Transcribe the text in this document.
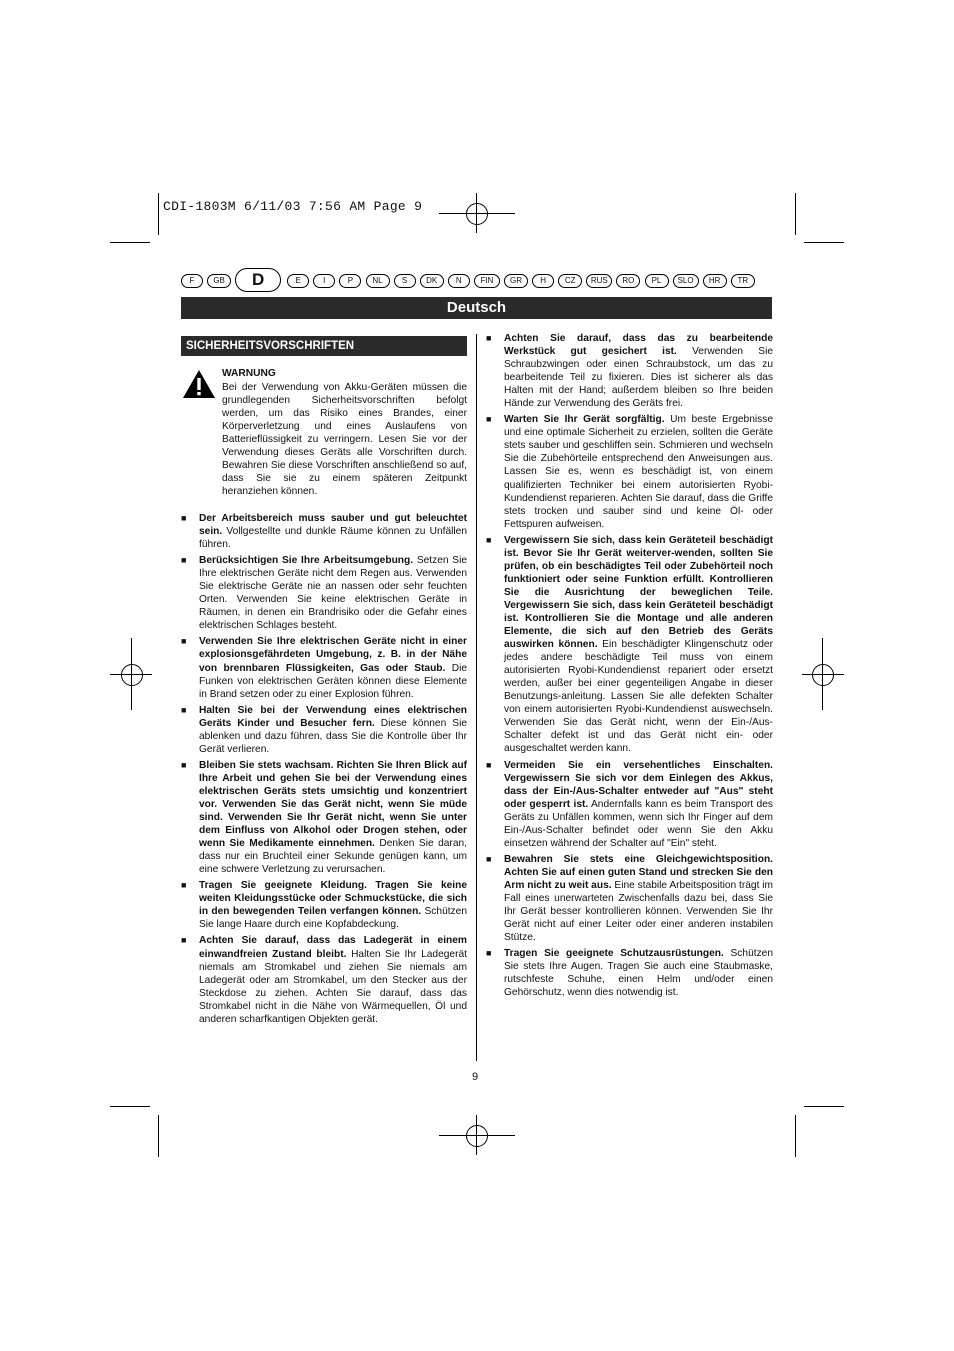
CDI-1803M 6/11/03 7:56 AM Page 9
F	GB	D	E	I	P	NL	S	DK	N	FIN	GR	H	CZ	RUS	RO	PL	SLO	HR	TR
Deutsch
SICHERHEITSVORSCHRIFTEN
WARNUNG
Bei der Verwendung von Akku-Geräten müssen die grundlegenden Sicherheitsvorschriften befolgt werden, um das Risiko eines Brandes, einer Körperverletzung und eines Auslaufens von Batterieflüssigkeit zu verringern. Lesen Sie vor der Verwendung dieses Geräts alle Vorschriften durch. Bewahren Sie diese Vorschriften anschließend so auf, dass Sie sie zu einem späteren Zeitpunkt heranziehen können.

■ Der Arbeitsbereich muss sauber und gut beleuchtet sein. Vollgestellte und dunkle Räume können zu Unfällen führen.

■ Berücksichtigen Sie Ihre Arbeitsumgebung. Setzen Sie Ihre elektrischen Geräte nicht dem Regen aus. Verwenden Sie elektrische Geräte nie an nassen oder sehr feuchten Orten. Verwenden Sie keine elektrischen Geräte in Räumen, in denen ein Brandrisiko oder die Gefahr eines elektrischen Schlages besteht.

■ Verwenden Sie Ihre elektrischen Geräte nicht in einer explosionsgefährdeten Umgebung, z. B. in der Nähe von brennbaren Flüssigkeiten, Gas oder Staub. Die Funken von elektrischen Geräten können diese Elemente in Brand setzen oder zu einer Explosion führen.

■ Halten Sie bei der Verwendung eines elektrischen Geräts Kinder und Besucher fern. Diese können Sie ablenken und dazu führen, dass Sie die Kontrolle über Ihr Gerät verlieren.

■ Bleiben Sie stets wachsam. Richten Sie Ihren Blick auf Ihre Arbeit und gehen Sie bei der Verwendung eines elektrischen Geräts stets umsichtig und konzentriert vor. Verwenden Sie das Gerät nicht, wenn Sie müde sind. Verwenden Sie Ihr Gerät nicht, wenn Sie unter dem Einfluss von Alkohol oder Drogen stehen, oder wenn Sie Medikamente einnehmen. Denken Sie daran, dass nur ein Bruchteil einer Sekunde genügen kann, um eine schwere Verletzung zu verursachen.

■ Tragen Sie geeignete Kleidung. Tragen Sie keine weiten Kleidungsstücke oder Schmuckstücke, die sich in den bewegenden Teilen verfangen können. Schützen Sie lange Haare durch eine Kopfabdeckung.

■ Achten Sie darauf, dass das Ladegerät in einem einwandfreien Zustand bleibt. Halten Sie Ihr Ladegerät niemals am Stromkabel und ziehen Sie niemals am Ladegerät oder am Stromkabel, um den Stecker aus der Steckdose zu ziehen. Achten Sie darauf, dass das Stromkabel nicht in die Nähe von Wärmequellen, Öl und anderen scharfkantigen Objekten gerät.

■ Achten Sie darauf, dass das zu bearbeitende Werkstück gut gesichert ist. Verwenden Sie Schraubzwingen oder einen Schraubstock, um das zu bearbeitende Teil zu fixieren. Dies ist sicherer als das Halten mit der Hand; außerdem bleiben so Ihre beiden Hände zur Verwendung des Geräts frei.

■ Warten Sie Ihr Gerät sorgfältig. Um beste Ergebnisse und eine optimale Sicherheit zu erzielen, sollten die Geräte stets sauber und geschliffen sein. Schmieren und wechseln Sie die Zubehörteile entsprechend den Anweisungen aus. Lassen Sie es, wenn es beschädigt ist, von einem qualifizierten Techniker bei einem autorisierten Ryobi-Kundendienst reparieren. Achten Sie darauf, dass die Griffe stets trocken und sauber sind und keine Öl- oder Fettspuren aufweisen.

■ Vergewissern Sie sich, dass kein Geräteteil beschädigt ist. Bevor Sie Ihr Gerät weiterver-wenden, sollten Sie prüfen, ob ein beschädigtes Teil oder Zubehörteil noch funktioniert oder seine Funktion erfüllt. Kontrollieren Sie die Ausrichtung der beweglichen Teile. Vergewissern Sie sich, dass kein Geräteteil beschädigt ist. Kontrollieren Sie die Montage und alle anderen Elemente, die sich auf den Betrieb des Geräts auswirken können. Ein beschädigter Klingenschutz oder jedes andere beschädigte Teil muss von einem autorisierten Ryobi-Kundendienst repariert oder ersetzt werden, außer bei einer gegenteiligen Angabe in dieser Benutzungs-anleitung. Lassen Sie alle defekten Schalter von einem autorisierten Ryobi-Kundendienst auswechseln. Verwenden Sie das Gerät nicht, wenn der Ein-/Aus-Schalter defekt ist und das Gerät nicht ein- oder ausgeschaltet werden kann.

■ Vermeiden Sie ein versehentliches Einschalten. Vergewissern Sie sich vor dem Einlegen des Akkus, dass der Ein-/Aus-Schalter entweder auf "Aus" steht oder gesperrt ist. Andernfalls kann es beim Transport des Geräts zu Unfällen kommen, wenn sich Ihr Finger auf dem Ein-/Aus-Schalter befindet oder wenn Sie den Akku einsetzen während der Schalter auf "Ein" steht.

■ Bewahren Sie stets eine Gleichgewichtsposition. Achten Sie auf einen guten Stand und strecken Sie den Arm nicht zu weit aus. Eine stabile Arbeitsposition trägt im Fall eines unerwarteten Zwischenfalls dazu bei, dass Sie Ihr Gerät besser kontrollieren können. Verwenden Sie Ihr Gerät nicht auf einer Leiter oder einer anderen instabilen Stütze.

■ Tragen Sie geeignete Schutzausrüstungen. Schützen Sie stets Ihre Augen. Tragen Sie auch eine Staubmaske, rutschfeste Schuhe, einen Helm und/oder einen Gehörschutz, wenn dies notwendig ist.

9
